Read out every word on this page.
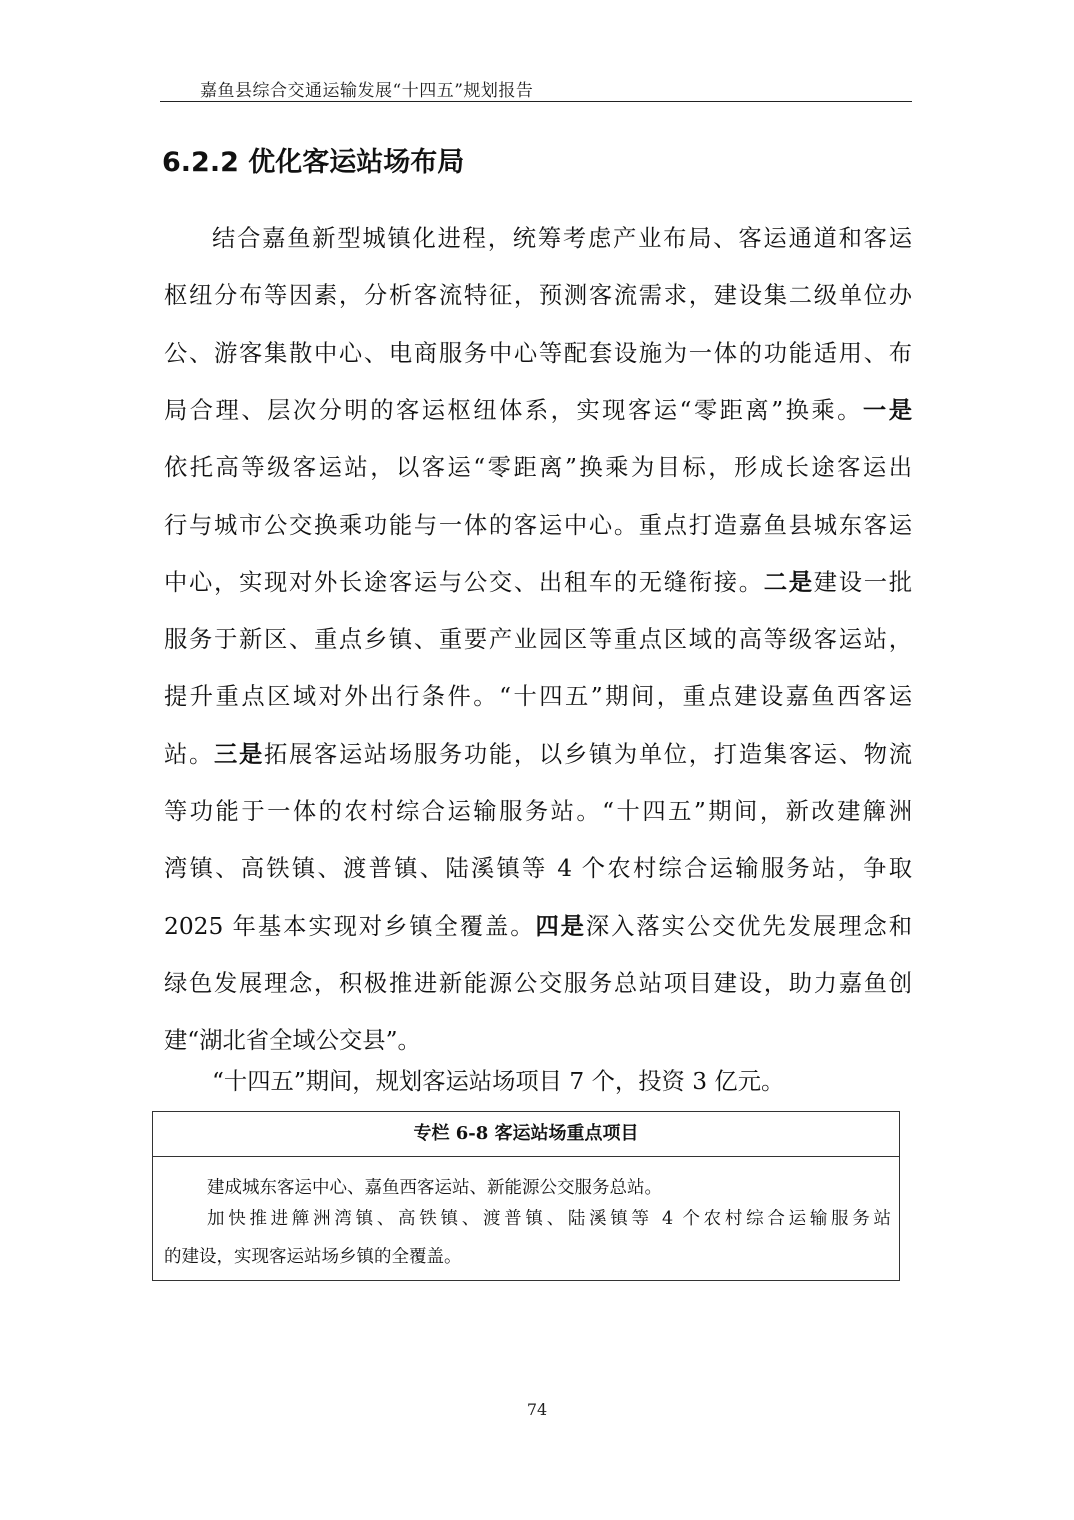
嘉鱼县综合交通运输发展“十四五”规划报告
6.2.2 优化客运站场布局
结合嘉鱼新型城镇化进程，统筹考虑产业布局、客运通道和客运
枢纽分布等因素，分析客流特征，预测客流需求，建设集二级单位办
公、游客集散中心、电商服务中心等配套设施为一体的功能适用、布
局合理、层次分明的客运枢纽体系，实现客运“零距离”换乘。一是
依托高等级客运站，以客运“零距离”换乘为目标，形成长途客运出
行与城市公交换乘功能与一体的客运中心。重点打造嘉鱼县城东客运
中心，实现对外长途客运与公交、出租车的无缝衔接。二是建设一批
服务于新区、重点乡镇、重要产业园区等重点区域的高等级客运站，
提升重点区域对外出行条件。“十四五”期间，重点建设嘉鱼西客运
站。三是拓展客运站场服务功能，以乡镇为单位，打造集客运、物流
等功能于一体的农村综合运输服务站。“十四五”期间，新改建簰洲
湾镇、高铁镇、渡普镇、陆溪镇等 4 个农村综合运输服务站，争取
2025 年基本实现对乡镇全覆盖。四是深入落实公交优先发展理念和
绿色发展理念，积极推进新能源公交服务总站项目建设，助力嘉鱼创
建“湖北省全域公交县”。
“十四五”期间，规划客运站场项目 7 个，投资 3 亿元。
专栏 6-8 客运站场重点项目
建成城东客运中心、嘉鱼西客运站、新能源公交服务总站。
加快推进簰洲湾镇、高铁镇、渡普镇、陆溪镇等 4 个农村综合运输服务站
的建设，实现客运站场乡镇的全覆盖。
74
